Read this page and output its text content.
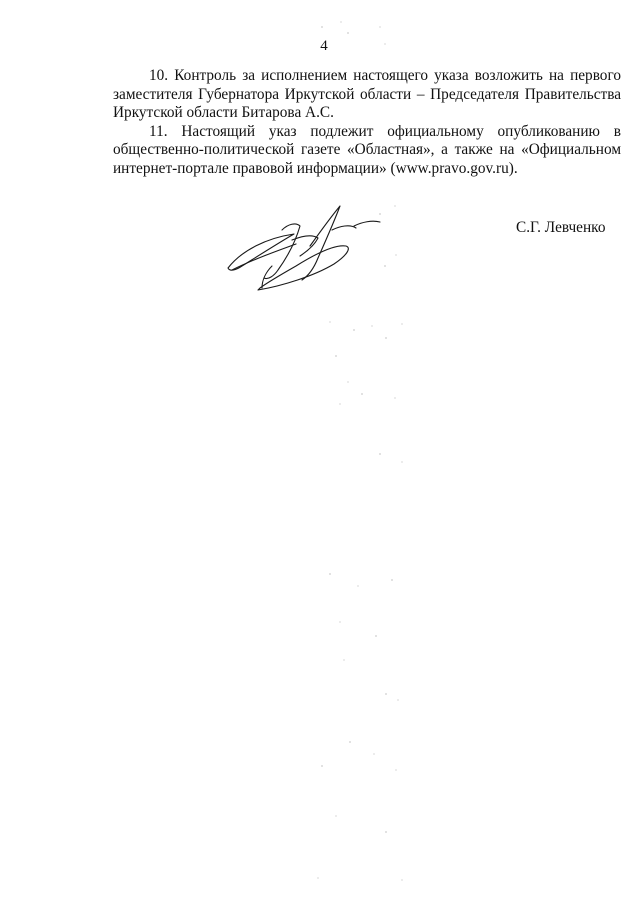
4

10. Контроль за исполнением настоящего указа возложить на первого
заместителя Губернатора Иркутской области – Председателя Правительства
Иркутской области Битарова А.С.

11. Настоящий указ подлежит официальному опубликованию в
общественно-политической газете «Областная», а также на «Официальном
интернет-портале правовой информации» (www.pravo.gov.ru).

С.Г. Левченко
